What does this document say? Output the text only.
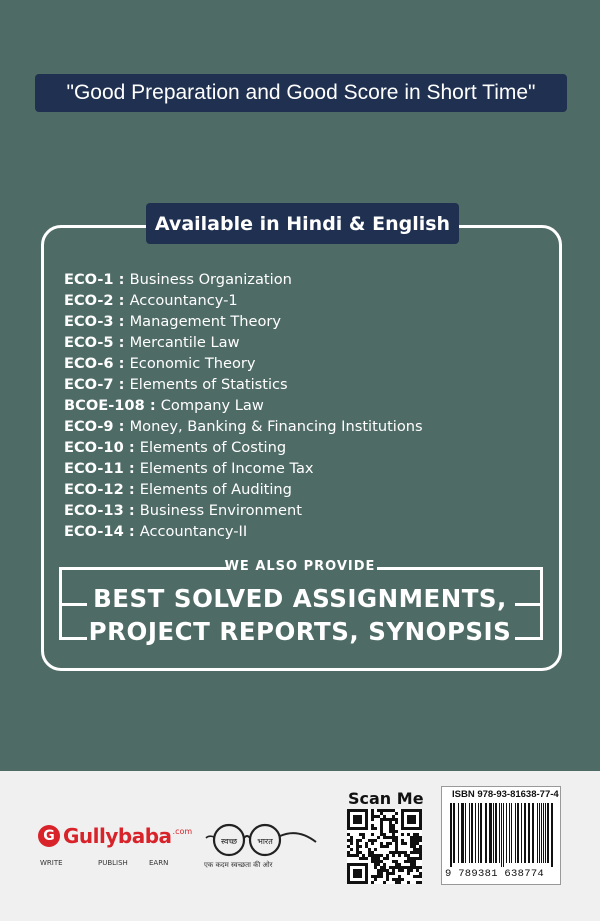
"Good Preparation and Good Score in Short Time"
Available in Hindi & English
ECO-1 : Business Organization
ECO-2 : Accountancy-1
ECO-3 : Management Theory
ECO-5 : Mercantile Law
ECO-6 : Economic Theory
ECO-7 : Elements of Statistics
BCOE-108 : Company Law
ECO-9 : Money, Banking & Financing Institutions
ECO-10 : Elements of Costing
ECO-11 : Elements of Income Tax
ECO-12 : Elements of Auditing
ECO-13 : Business Environment
ECO-14 : Accountancy-II
WE ALSO PROVIDE
BEST SOLVED ASSIGNMENTS,
PROJECT REPORTS, SYNOPSIS
G Gullybaba .com
WRITE	PUBLISH	EARN
स्वच्छ	भारत
एक कदम स्वच्छता की ओर
Scan Me	ISBN 978-93-81638-77-4
9 789381 638774
